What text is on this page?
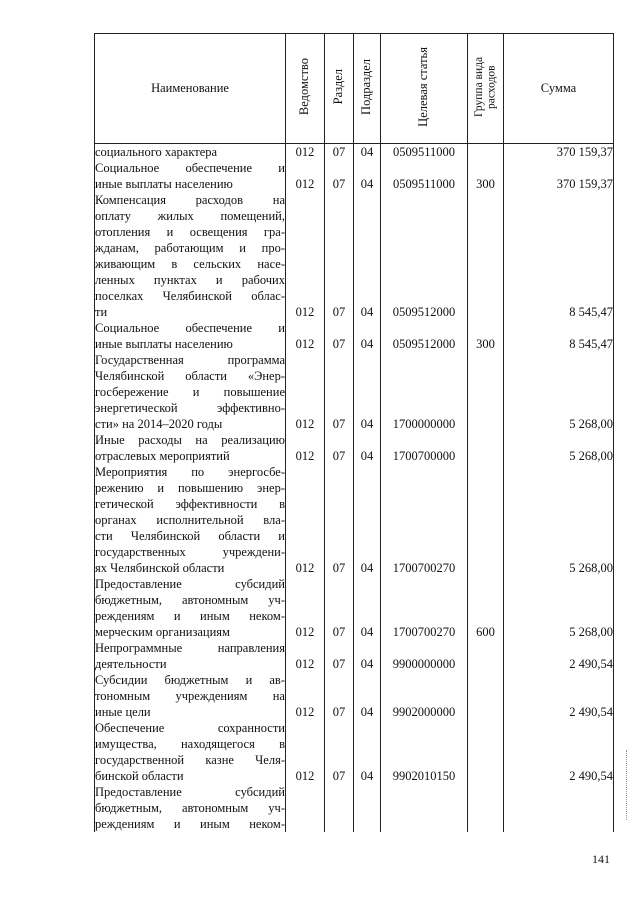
Наименование	Ведомство	Раздел	Подраздел	Целевая статья	Группа вида расходов	Сумма
социального характера	012	07	04	0509511000		370 159,37
Социальное обеспечение и						
иные выплаты населению	012	07	04	0509511000	300	370 159,37
Компенсация расходов на						
оплату жилых помещений,						
отопления и освещения гра-						
жданам, работающим и про-						
живающим в сельских насе-						
ленных пунктах и рабочих						
поселках Челябинской облас-						
ти	012	07	04	0509512000		8 545,47
Социальное обеспечение и						
иные выплаты населению	012	07	04	0509512000	300	8 545,47
Государственная программа						
Челябинской области «Энер-						
госбережение и повышение						
энергетической эффективно-						
сти» на 2014–2020 годы	012	07	04	1700000000		5 268,00
Иные расходы на реализацию						
отраслевых мероприятий	012	07	04	1700700000		5 268,00
Мероприятия по энергосбе-						
режению и повышению энер-						
гетической эффективности в						
органах исполнительной вла-						
сти Челябинской области и						
государственных учреждени-						
ях Челябинской области	012	07	04	1700700270		5 268,00
Предоставление субсидий						
бюджетным, автономным уч-						
реждениям и иным неком-						
мерческим организациям	012	07	04	1700700270	600	5 268,00
Непрограммные направления						
деятельности	012	07	04	9900000000		2 490,54
Субсидии бюджетным и ав-						
тономным учреждениям на						
иные цели	012	07	04	9902000000		2 490,54
Обеспечение сохранности						
имущества, находящегося в						
государственной казне Челя-						
бинской области	012	07	04	9902010150		2 490,54
Предоставление субсидий						
бюджетным, автономным уч-						
реждениям и иным неком-						
141
